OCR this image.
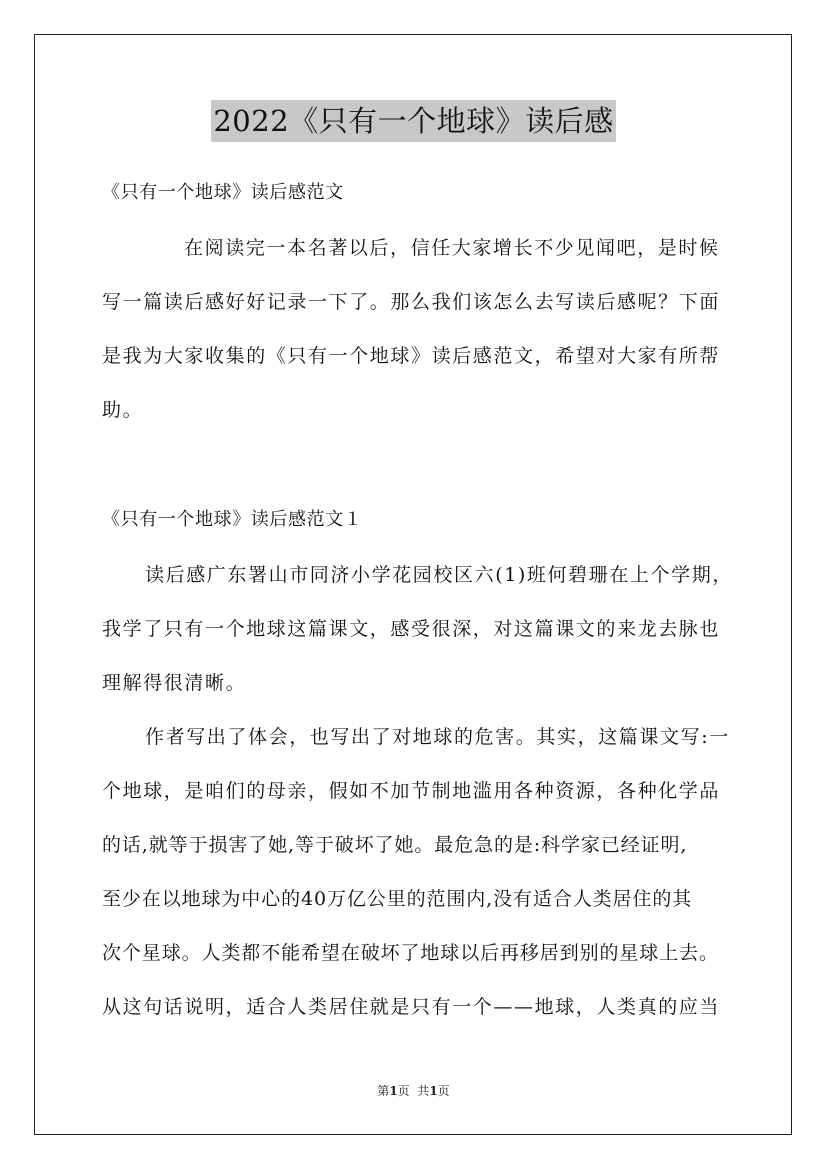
2022《只有一个地球》读后感
《只有一个地球》读后感范文
在阅读完一本名著以后，信任大家增长不少见闻吧，是时候
写一篇读后感好好记录一下了。那么我们该怎么去写读后感呢？下面
是我为大家收集的《只有一个地球》读后感范文，希望对大家有所帮
助。
《只有一个地球》读后感范文１
读后感广东署山市同济小学花园校区六(1)班何碧珊在上个学期，
我学了只有一个地球这篇课文，感受很深，对这篇课文的来龙去脉也
理解得很清晰。
作者写出了体会，也写出了对地球的危害。其实，这篇课文写:一
个地球，是咱们的母亲，假如不加节制地滥用各种资源，各种化学品
的话,就等于损害了她,等于破坏了她。最危急的是:科学家已经证明,
至少在以地球为中心的40万亿公里的范围内,没有适合人类居住的其
次个星球。人类都不能希望在破坏了地球以后再移居到别的星球上去。
从这句话说明，适合人类居住就是只有一个——地球，人类真的应当
第1页  共1页
